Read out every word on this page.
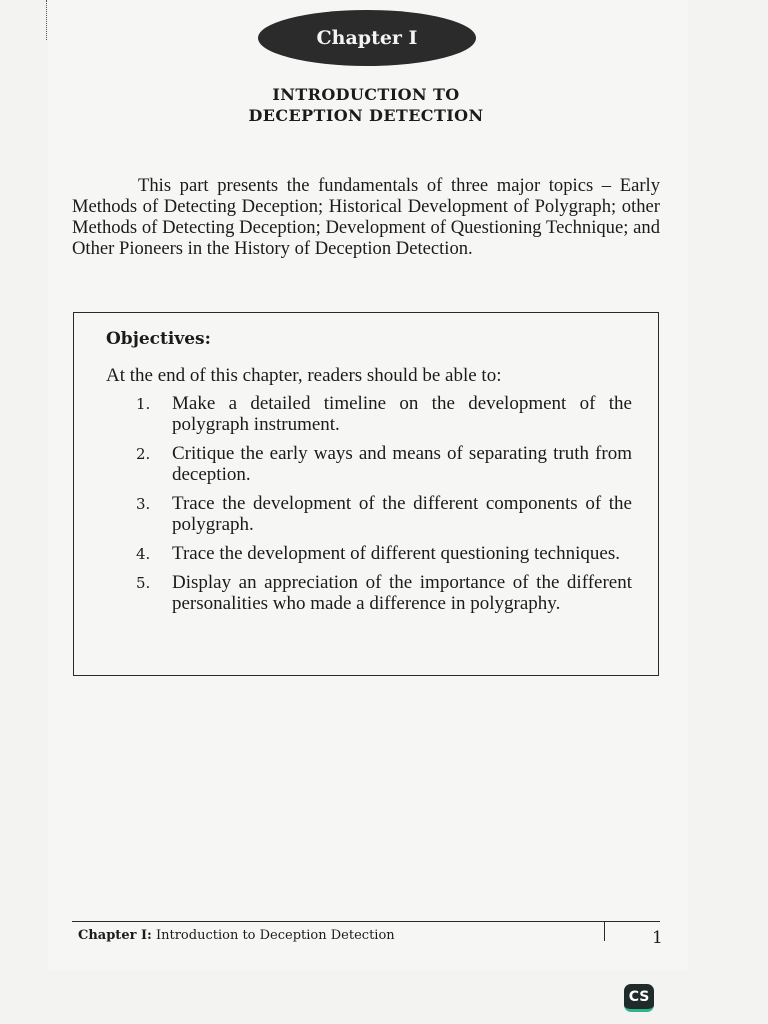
Chapter I
INTRODUCTION TO
DECEPTION DETECTION

This part presents the fundamentals of three major topics – Early Methods of Detecting Deception; Historical Development of Polygraph; other Methods of Detecting Deception; Development of Questioning Technique; and Other Pioneers in the History of Deception Detection.

Objectives:
At the end of this chapter, readers should be able to:
1. Make a detailed timeline on the development of the polygraph instrument.
2. Critique the early ways and means of separating truth from deception.
3. Trace the development of the different components of the polygraph.
4. Trace the development of different questioning techniques.
5. Display an appreciation of the importance of the different personalities who made a difference in polygraphy.
Chapter I: Introduction to Deception Detection	1
CS
